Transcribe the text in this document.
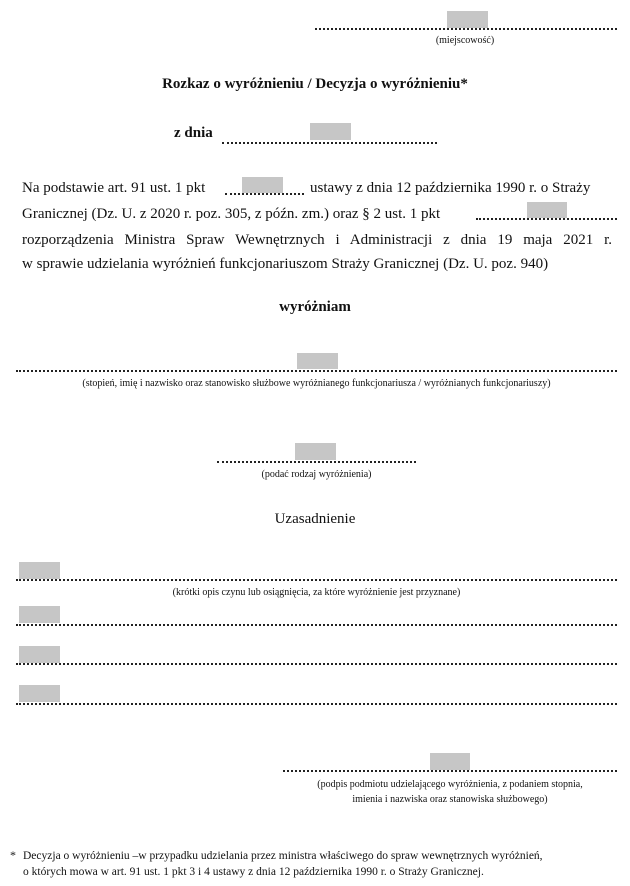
(miejscowość)
Rozkaz o wyróżnieniu / Decyzja o wyróżnieniu*
z dnia
Na podstawie art. 91 ust. 1 pkt	ustawy z dnia 12 października 1990 r. o Straży
Granicznej (Dz. U. z 2020 r. poz. 305, z późn. zm.) oraz § 2 ust. 1 pkt
rozporządzenia Ministra Spraw Wewnętrznych i Administracji z dnia 19 maja 2021 r.
w sprawie udzielania wyróżnień funkcjonariuszom Straży Granicznej (Dz. U. poz. 940)
wyróżniam
(stopień, imię i nazwisko oraz stanowisko służbowe wyróżnianego funkcjonariusza / wyróżnianych funkcjonariuszy)
(podać rodzaj wyróżnienia)
Uzasadnienie
(krótki opis czynu lub osiągnięcia, za które wyróżnienie jest przyznane)
(podpis podmiotu udzielającego wyróżnienia, z podaniem stopnia,
imienia i nazwiska oraz stanowiska służbowego)
* Decyzja o wyróżnieniu –w przypadku udzielania przez ministra właściwego do spraw wewnętrznych wyróżnień,
o których mowa w art. 91 ust. 1 pkt 3 i 4 ustawy z dnia 12 października 1990 r. o Straży Granicznej.
